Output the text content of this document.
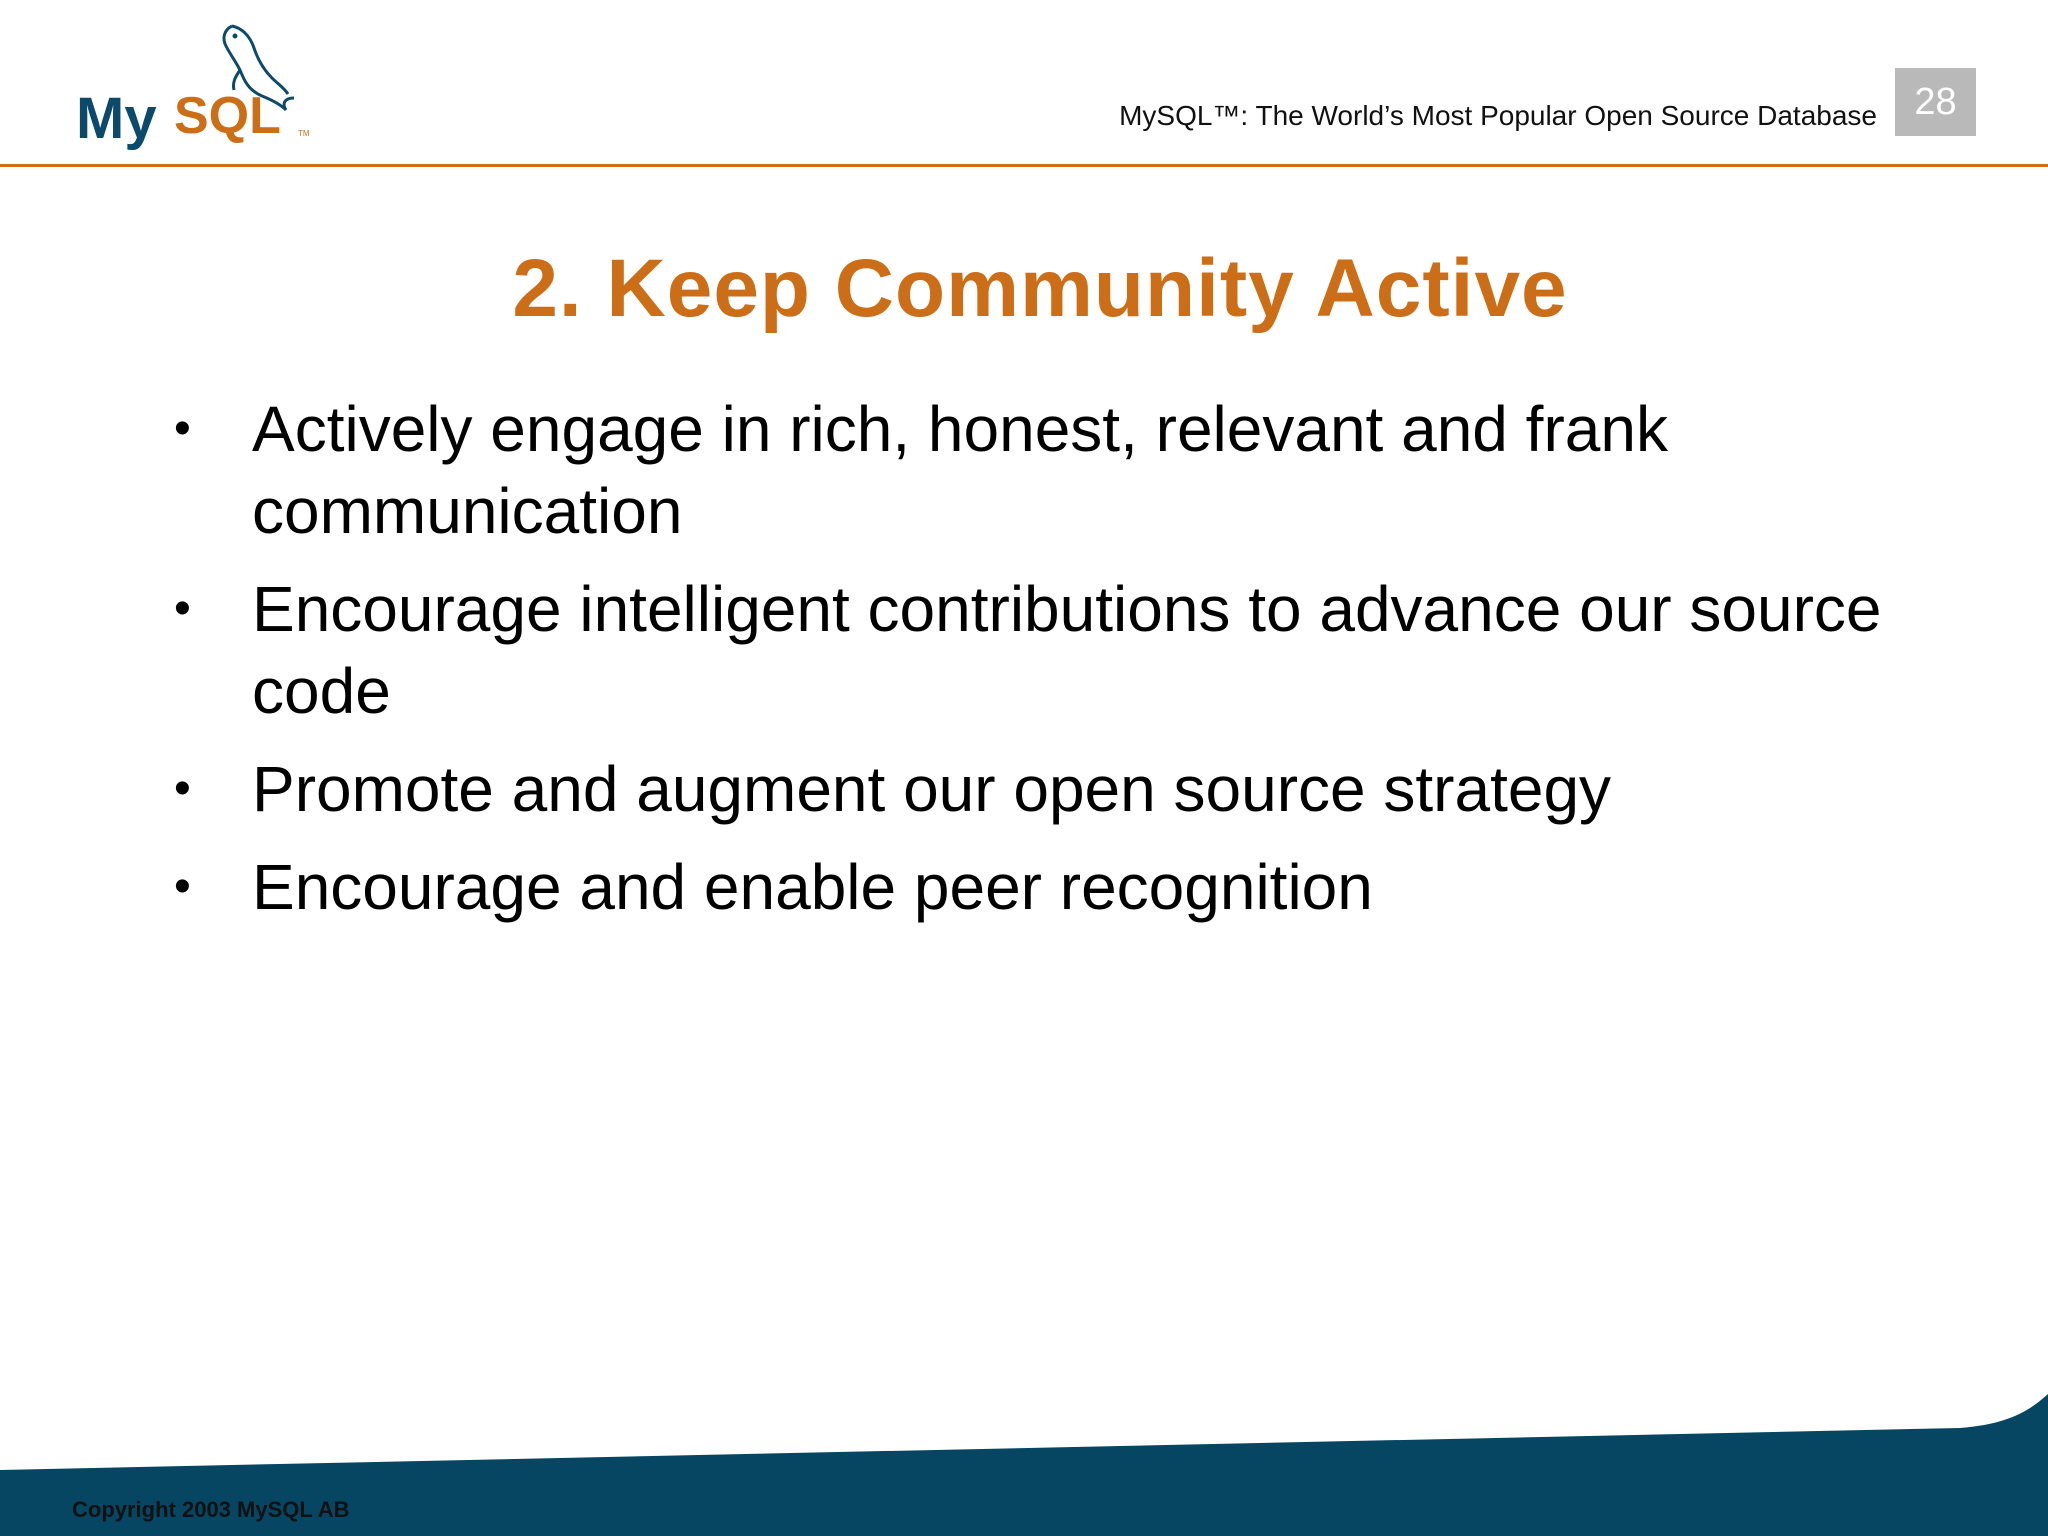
My SQL TM
MySQL™: The World’s Most Popular Open Source Database 28
2. Keep Community Active
• Actively engage in rich, honest, relevant and frank communication
• Encourage intelligent contributions to advance our source code
• Promote and augment our open source strategy
• Encourage and enable peer recognition
Copyright 2003 MySQL AB
